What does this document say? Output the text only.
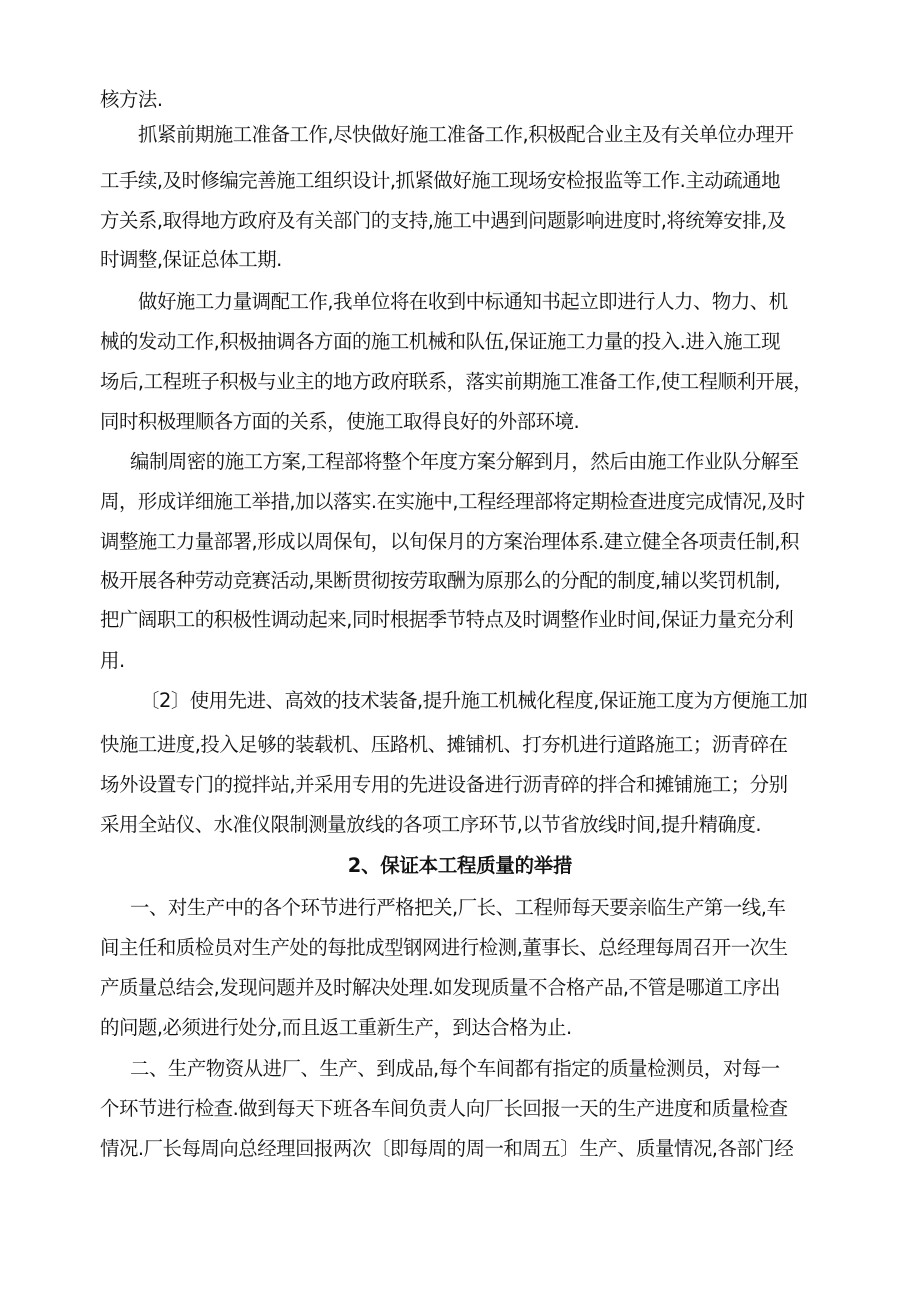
核方法.
抓紧前期施工准备工作,尽快做好施工准备工作,积极配合业主及有关单位办理开
工手续,及时修编完善施工组织设计,抓紧做好施工现场安检报监等工作.主动疏通地
方关系,取得地方政府及有关部门的支持,施工中遇到问题影响进度时,将统筹安排,及
时调整,保证总体工期.
做好施工力量调配工作,我单位将在收到中标通知书起立即进行人力、物力、机
械的发动工作,积极抽调各方面的施工机械和队伍,保证施工力量的投入.进入施工现
场后,工程班子积极与业主的地方政府联系，落实前期施工准备工作,使工程顺利开展，
同时积极理顺各方面的关系，使施工取得良好的外部环境.
编制周密的施工方案,工程部将整个年度方案分解到月，然后由施工作业队分解至
周，形成详细施工举措,加以落实.在实施中,工程经理部将定期检查进度完成情况,及时
调整施工力量部署,形成以周保旬，以旬保月的方案治理体系.建立健全各项责任制,积
极开展各种劳动竞赛活动,果断贯彻按劳取酬为原那么的分配的制度,辅以奖罚机制,
把广阔职工的积极性调动起来,同时根据季节特点及时调整作业时间,保证力量充分利
用.
〔2〕使用先进、高效的技术装备,提升施工机械化程度,保证施工度为方便施工加
快施工进度,投入足够的装载机、压路机、摊铺机、打夯机进行道路施工；沥青碎在
场外设置专门的搅拌站,并采用专用的先进设备进行沥青碎的拌合和摊铺施工；分别
采用全站仪、水准仪限制测量放线的各项工序环节,以节省放线时间,提升精确度.
2、保证本工程质量的举措
一、对生产中的各个环节进行严格把关,厂长、工程师每天要亲临生产第一线,车
间主任和质检员对生产处的每批成型钢网进行检测,董事长、总经理每周召开一次生
产质量总结会,发现问题并及时解决处理.如发现质量不合格产品,不管是哪道工序出
的问题,必须进行处分,而且返工重新生产，到达合格为止.
二、生产物资从进厂、生产、到成品,每个车间都有指定的质量检测员，对每一
个环节进行检查.做到每天下班各车间负责人向厂长回报一天的生产进度和质量检查
情况.厂长每周向总经理回报两次〔即每周的周一和周五〕生产、质量情况,各部门经
